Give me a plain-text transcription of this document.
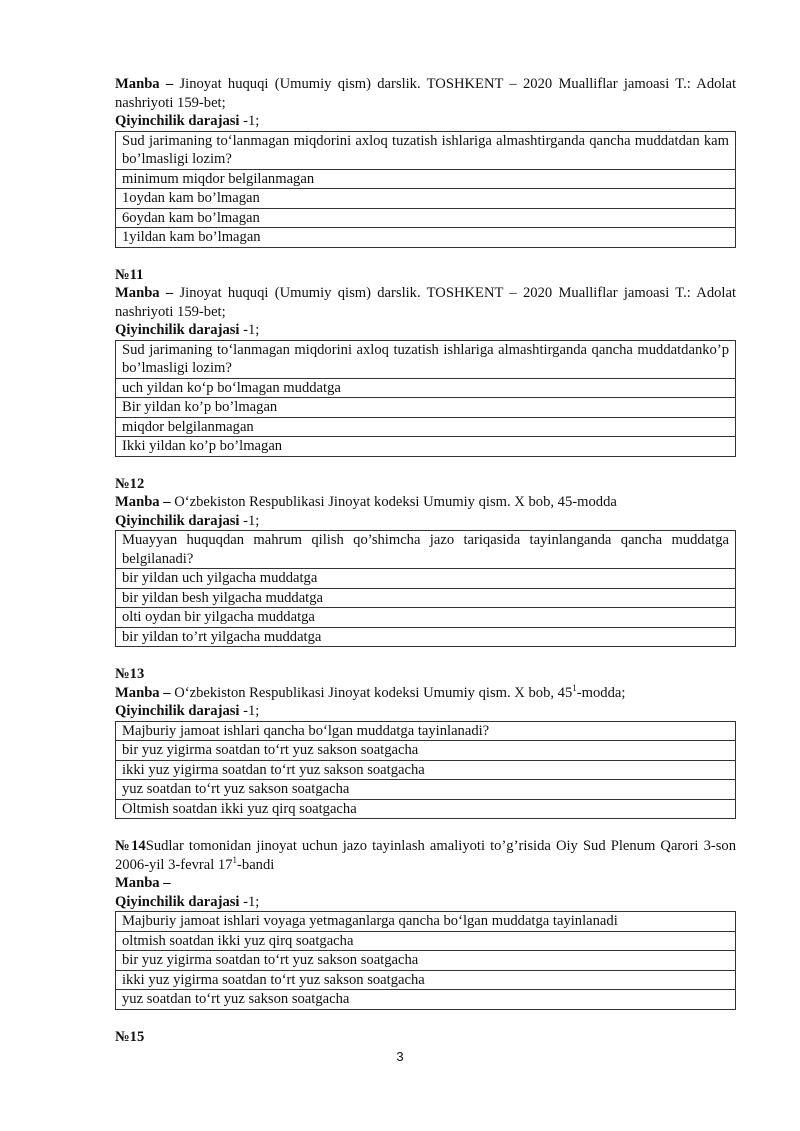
Manba – Jinoyat huquqi (Umumiy qism) darslik. TOSHKENT – 2020 Mualliflar jamoasi T.: Adolat nashriyoti 159-bet;

Qiyinchilik darajasi -1;

Sud jarimaning to‘lanmagan miqdorini axloq tuzatish ishlariga almashtirganda qancha muddatdan kam bo’lmasligi lozim?
minimum miqdor belgilanmagan
1oydan kam bo’lmagan
6oydan kam bo’lmagan
1yildan kam bo’lmagan

№11

Manba – Jinoyat huquqi (Umumiy qism) darslik. TOSHKENT – 2020 Mualliflar jamoasi T.: Adolat nashriyoti 159-bet;

Qiyinchilik darajasi -1;

Sud jarimaning to‘lanmagan miqdorini axloq tuzatish ishlariga almashtirganda qancha muddatdanko’p bo’lmasligi lozim?
uch yildan ko‘p bo‘lmagan muddatga
Bir yildan ko’p bo’lmagan
miqdor belgilanmagan
Ikki yildan ko’p bo’lmagan

№12

Manba – O‘zbekiston Respublikasi Jinoyat kodeksi Umumiy qism. X bob, 45-modda

Qiyinchilik darajasi -1;

Muayyan huquqdan mahrum qilish qo’shimcha jazo tariqasida tayinlanganda qancha muddatga belgilanadi?
bir yildan uch yilgacha muddatga
bir yildan besh yilgacha muddatga
olti oydan bir yilgacha muddatga
bir yildan to’rt yilgacha muddatga

№13

Manba – O‘zbekiston Respublikasi Jinoyat kodeksi Umumiy qism. X bob, $45^1$-modda;

Qiyinchilik darajasi -1;

Majburiy jamoat ishlari qancha bo‘lgan muddatga tayinlanadi?
bir yuz yigirma soatdan to‘rt yuz sakson soatgacha
ikki yuz yigirma soatdan to‘rt yuz sakson soatgacha
yuz soatdan to‘rt yuz sakson soatgacha
Oltmish soatdan ikki yuz qirq soatgacha

№14Sudlar tomonidan jinoyat uchun jazo tayinlash amaliyoti to’g’risida Oiy Sud Plenum Qarori 3-son 2006-yil 3-fevral $17^1$-bandi

Manba –

Qiyinchilik darajasi -1;

Majburiy jamoat ishlari voyaga yetmaganlarga qancha bo‘lgan muddatga tayinlanadi
oltmish soatdan ikki yuz qirq soatgacha
bir yuz yigirma soatdan to‘rt yuz sakson soatgacha
ikki yuz yigirma soatdan to‘rt yuz sakson soatgacha
yuz soatdan to‘rt yuz sakson soatgacha

№15

3
